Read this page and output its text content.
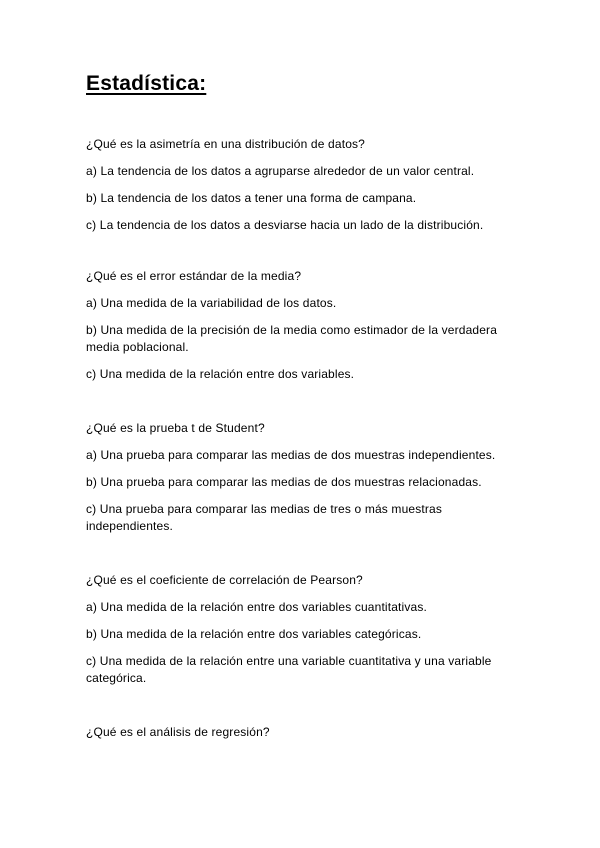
Estadística:

¿Qué es la asimetría en una distribución de datos?

a) La tendencia de los datos a agruparse alrededor de un valor central.

b) La tendencia de los datos a tener una forma de campana.

c) La tendencia de los datos a desviarse hacia un lado de la distribución.

¿Qué es el error estándar de la media?

a) Una medida de la variabilidad de los datos.

b) Una medida de la precisión de la media como estimador de la verdadera media poblacional.

c) Una medida de la relación entre dos variables.

¿Qué es la prueba t de Student?

a) Una prueba para comparar las medias de dos muestras independientes.

b) Una prueba para comparar las medias de dos muestras relacionadas.

c) Una prueba para comparar las medias de tres o más muestras independientes.

¿Qué es el coeficiente de correlación de Pearson?

a) Una medida de la relación entre dos variables cuantitativas.

b) Una medida de la relación entre dos variables categóricas.

c) Una medida de la relación entre una variable cuantitativa y una variable categórica.

¿Qué es el análisis de regresión?
